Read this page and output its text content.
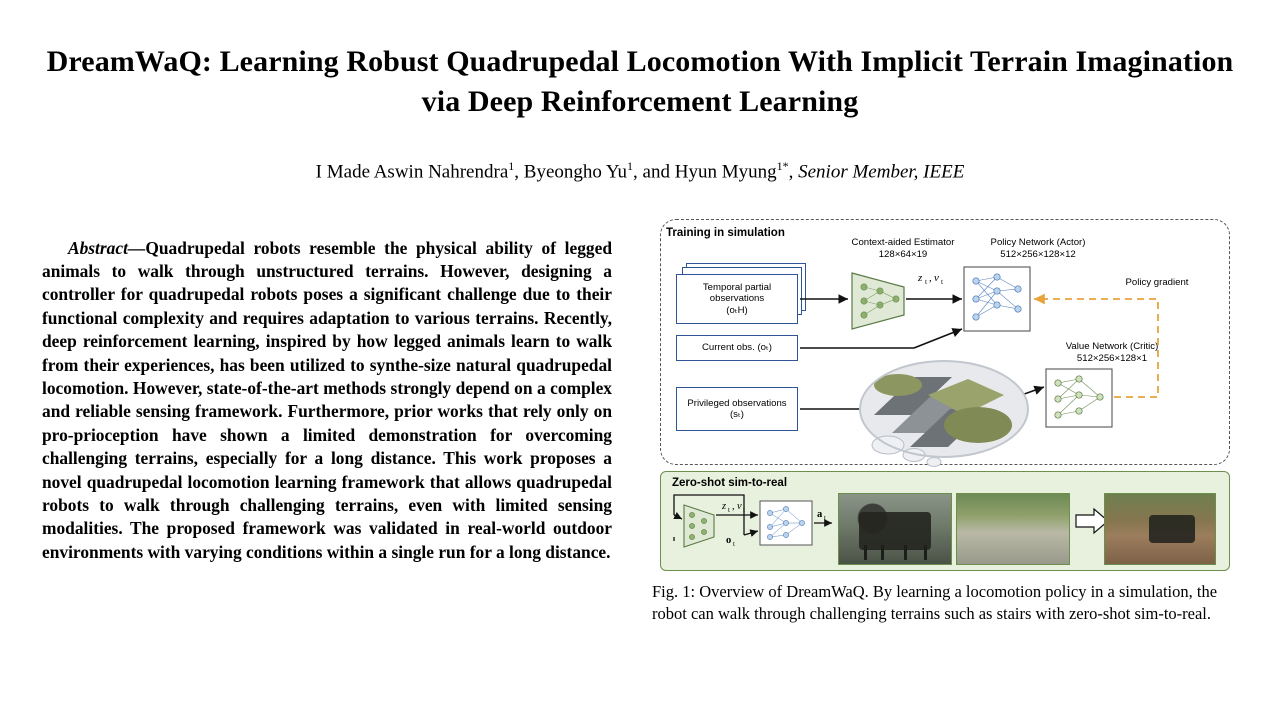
DreamWaQ: Learning Robust Quadrupedal Locomotion With Implicit Terrain Imagination via Deep Reinforcement Learning
I Made Aswin Nahrendra$^1$, Byeongho Yu$^1$, and Hyun Myung$^{1*}$, Senior Member, IEEE

Abstract—Quadrupedal robots resemble the physical ability of legged animals to walk through unstructured terrains. However, designing a controller for quadrupedal robots poses a significant challenge due to their functional complexity and requires adaptation to various terrains. Recently, deep reinforcement learning, inspired by how legged animals learn to walk from their experiences, has been utilized to synthe-size natural quadrupedal locomotion. However, state-of-the-art methods strongly depend on a complex and reliable sensing framework. Furthermore, prior works that rely only on pro-prioception have shown a limited demonstration for overcoming challenging terrains, especially for a long distance. This work proposes a novel quadrupedal locomotion learning framework that allows quadrupedal robots to walk through challenging terrains, even with limited sensing modalities. The proposed framework was validated in real-world outdoor environments with varying conditions within a single run for a long distance.

Training in simulation
Temporal partial
observations
(oₜH)
Current obs. (oₜ)
Privileged observations
(sₜ)
Context-aided Estimator
128×64×19
Policy Network (Actor)
512×256×128×12
Value Network (Critic)
512×256×128×1
Policy gradient
z t , v t
Zero-shot sim-to-real
z t , v t
o t
a t
Fig. 1: Overview of DreamWaQ. By learning a locomotion policy in a simulation, the robot can walk through challenging terrains such as stairs with zero-shot sim-to-real.
